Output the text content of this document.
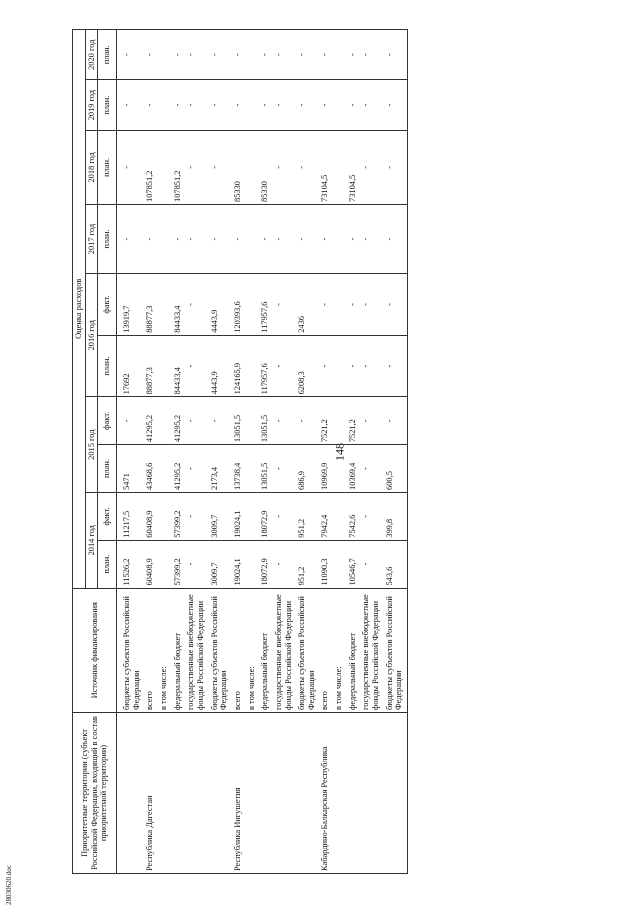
148
28030620.doc
Приоритетные территории (субъект Российской Федерации, входящий в состав приоритетной территории)	Источник финансирования	Оценка расходов									
		2014 год		2015 год		2016 год		2017 год	2018 год	2019 год	2020 год
		план.	факт.	план.	факт.	план.	факт.	план.	план.	план.	план.
	бюджеты субъектов Российской Федерации	11526,2	11217,5	5471	-	17692	13919,7	-	-	-	-
Республика Дагестан	всего	60408,9	60408,9	43468,6	41295,2	88877,3	88877,3	-	107851,2	-	-
	в том числе:										
	федеральный бюджет	57399,2	57399,2	41295,2	41295,2	84433,4	84433,4	-	107851,2	-	-
	государственные внебюджетные фонды Российской Федерации	-	-	-	-	-	-	-	-	-	-
	бюджеты субъектов Российской Федерации	3009,7	3009,7	2173,4	-	4443,9	4443,9	-	-	-	-
Республика Ингушетия	всего	19024,1	19024,1	13738,4	13051,5	124165,9	120393,6	-	85330	-	-
	в том числе:										
	федеральный бюджет	18072,9	18072,9	13051,5	13051,5	117957,6	117957,6	-	85330	-	-
	государственные внебюджетные фонды Российской Федерации	-	-	-	-	-	-	-	-	-	-
	бюджеты субъектов Российской Федерации	951,2	951,2	686,9	-	6208,3	2436	-	-	-	-
Кабардино-Балкарская Республика	всего	11090,3	7942,4	10969,9	7521,2	-	-	-	73104,5	-	-
	в том числе:										
	федеральный бюджет	10546,7	7542,6	10369,4	7521,2	-	-	-	73104,5	-	-
	государственные внебюджетные фонды Российской Федерации	-	-	-	-	-	-	-	-	-	-
	бюджеты субъектов Российской Федерации	543,6	399,8	600,5	-	-	-	-	-	-	-
